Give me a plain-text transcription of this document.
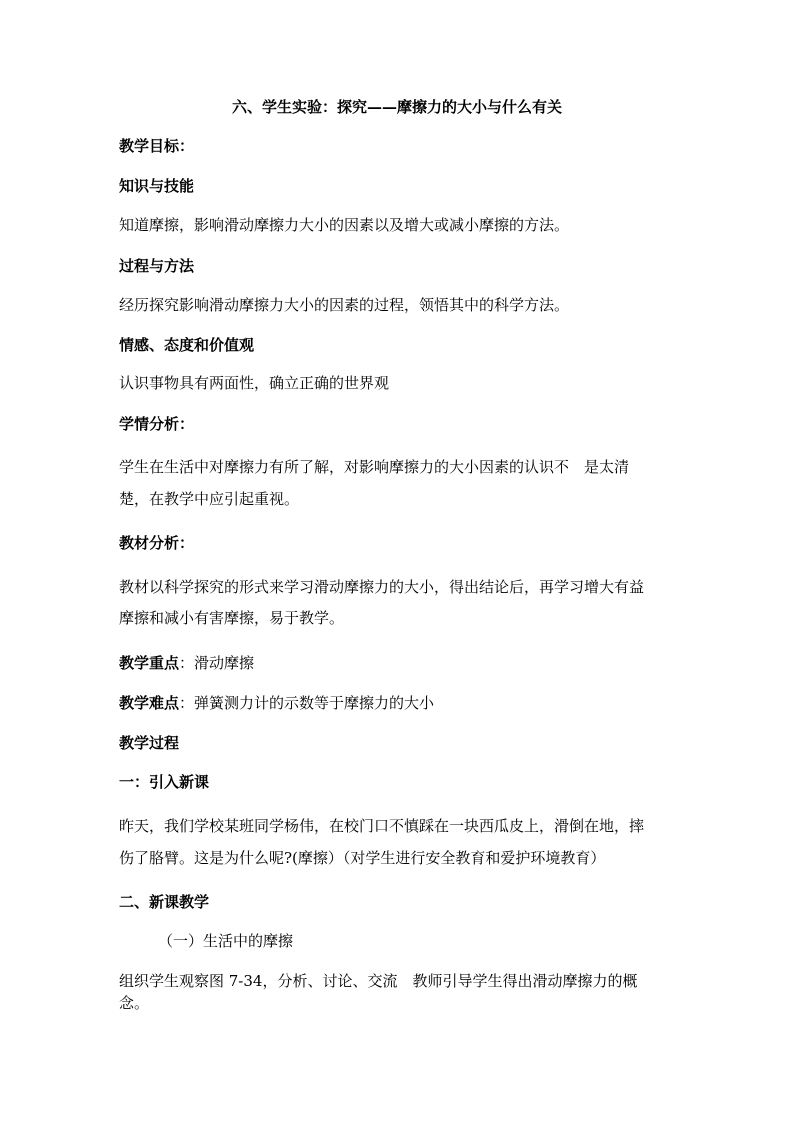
六、学生实验：探究——摩擦力的大小与什么有关
教学目标：
知识与技能
知道摩擦，影响滑动摩擦力大小的因素以及增大或减小摩擦的方法。
过程与方法
经历探究影响滑动摩擦力大小的因素的过程，领悟其中的科学方法。
情感、态度和价值观
认识事物具有两面性，确立正确的世界观
学情分析：
学生在生活中对摩擦力有所了解，对影响摩擦力的大小因素的认识不　是太清
楚，在教学中应引起重视。
教材分析：
教材以科学探究的形式来学习滑动摩擦力的大小，得出结论后，再学习增大有益
摩擦和减小有害摩擦，易于教学。
教学重点：滑动摩擦
教学难点：弹簧测力计的示数等于摩擦力的大小
教学过程
一：引入新课
昨天，我们学校某班同学杨伟，在校门口不慎踩在一块西瓜皮上，滑倒在地，摔
伤了胳臂。这是为什么呢?(摩擦）（对学生进行安全教育和爱护环境教育）
二、新课教学
（一）生活中的摩擦
组织学生观察图 7-34，分析、讨论、交流　教师引导学生得出滑动摩擦力的概
念。
